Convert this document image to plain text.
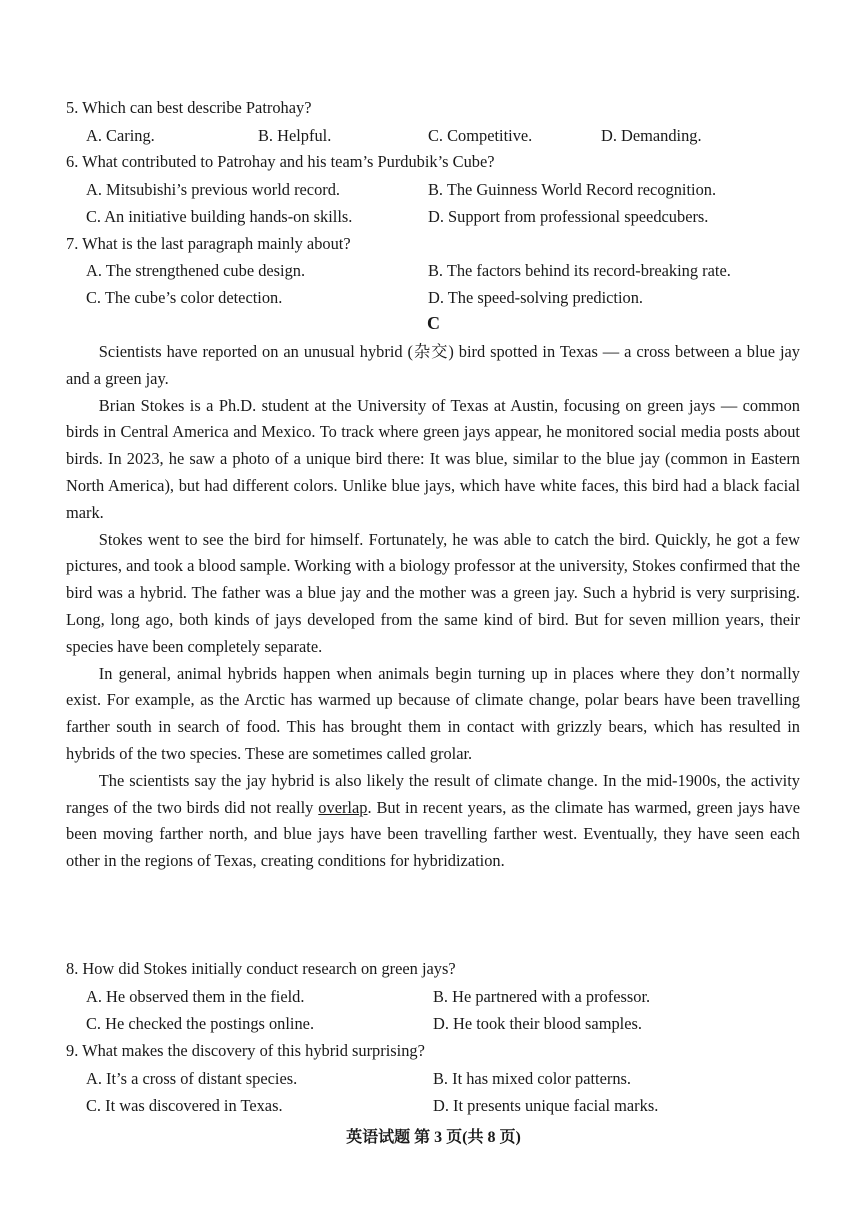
5. Which can best describe Patrohay?
A. Caring.	B. Helpful.	C. Competitive.	D. Demanding.
6. What contributed to Patrohay and his team’s Purdubik’s Cube?
A. Mitsubishi’s previous world record.	B. The Guinness World Record recognition.
C. An initiative building hands-on skills.	D. Support from professional speedcubers.
7. What is the last paragraph mainly about?
A. The strengthened cube design.	B. The factors behind its record-breaking rate.
C. The cube’s color detection.	D. The speed-solving prediction.
C

Scientists have reported on an unusual hybrid (杂交) bird spotted in Texas — a cross between a blue jay and a green jay.

Brian Stokes is a Ph.D. student at the University of Texas at Austin, focusing on green jays — common birds in Central America and Mexico. To track where green jays appear, he monitored social media posts about birds. In 2023, he saw a photo of a unique bird there: It was blue, similar to the blue jay (common in Eastern North America), but had different colors. Unlike blue jays, which have white faces, this bird had a black facial mark.

Stokes went to see the bird for himself. Fortunately, he was able to catch the bird. Quickly, he got a few pictures, and took a blood sample. Working with a biology professor at the university, Stokes confirmed that the bird was a hybrid. The father was a blue jay and the mother was a green jay. Such a hybrid is very surprising. Long, long ago, both kinds of jays developed from the same kind of bird. But for seven million years, their species have been completely separate.

In general, animal hybrids happen when animals begin turning up in places where they don’t normally exist. For example, as the Arctic has warmed up because of climate change, polar bears have been travelling farther south in search of food. This has brought them in contact with grizzly bears, which has resulted in hybrids of the two species. These are sometimes called grolar.

The scientists say the jay hybrid is also likely the result of climate change. In the mid-1900s, the activity ranges of the two birds did not really overlap. But in recent years, as the climate has warmed, green jays have been moving farther north, and blue jays have been travelling farther west. Eventually, they have seen each other in the regions of Texas, creating conditions for hybridization.

8. How did Stokes initially conduct research on green jays?
A. He observed them in the field.	B. He partnered with a professor.
C. He checked the postings online.	D. He took their blood samples.
9. What makes the discovery of this hybrid surprising?
A. It’s a cross of distant species.	B. It has mixed color patterns.
C. It was discovered in Texas.	D. It presents unique facial marks.
英语试题 第 3 页(共 8 页)
